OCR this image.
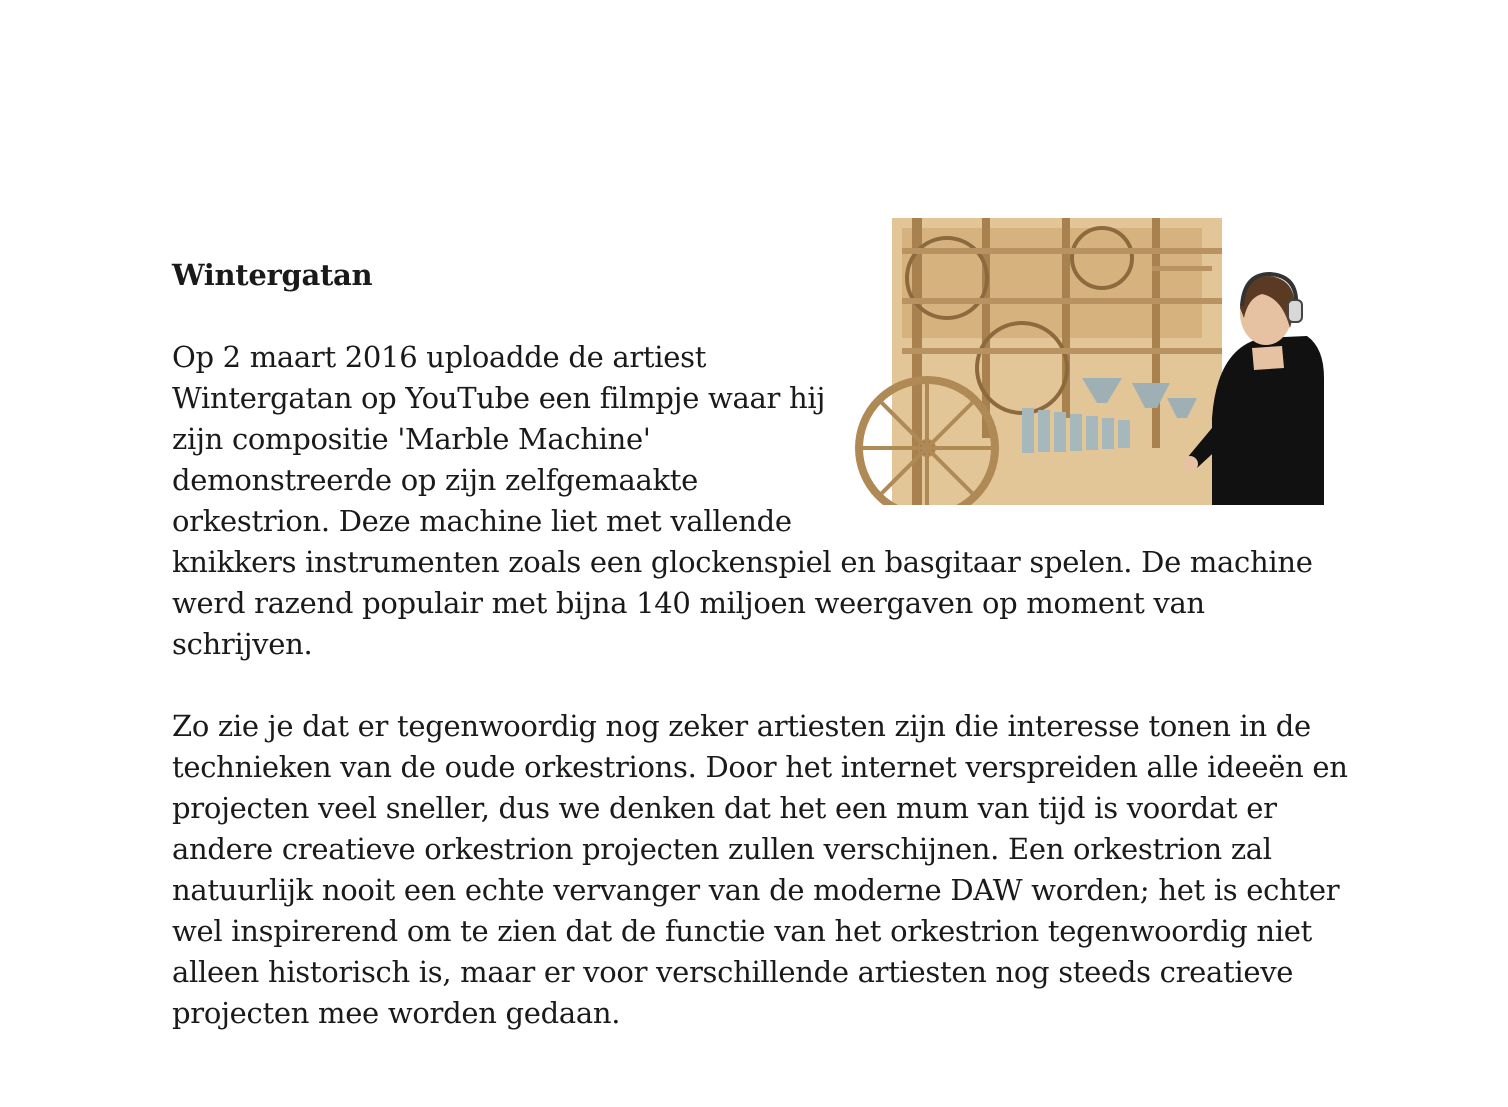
Wintergatan

Op 2 maart 2016 uploadde de artiest Wintergatan op YouTube een filmpje waar hij zijn compositie 'Marble Machine' demonstreerde op zijn zelfgemaakte orkestrion. Deze machine liet met vallende knikkers instrumenten zoals een glockenspiel en basgitaar spelen. De machine werd razend populair met bijna 140 miljoen weergaven op moment van schrijven.

Zo zie je dat er tegenwoordig nog zeker artiesten zijn die interesse tonen in de technieken van de oude orkestrions. Door het internet verspreiden alle ideeën en projecten veel sneller, dus we denken dat het een mum van tijd is voordat er andere creatieve orkestrion projecten zullen verschijnen. Een orkestrion zal natuurlijk nooit een echte vervanger van de moderne DAW worden; het is echter wel inspirerend om te zien dat de functie van het orkestrion tegenwoordig niet alleen historisch is, maar er voor verschillende artiesten nog steeds creatieve projecten mee worden gedaan.
